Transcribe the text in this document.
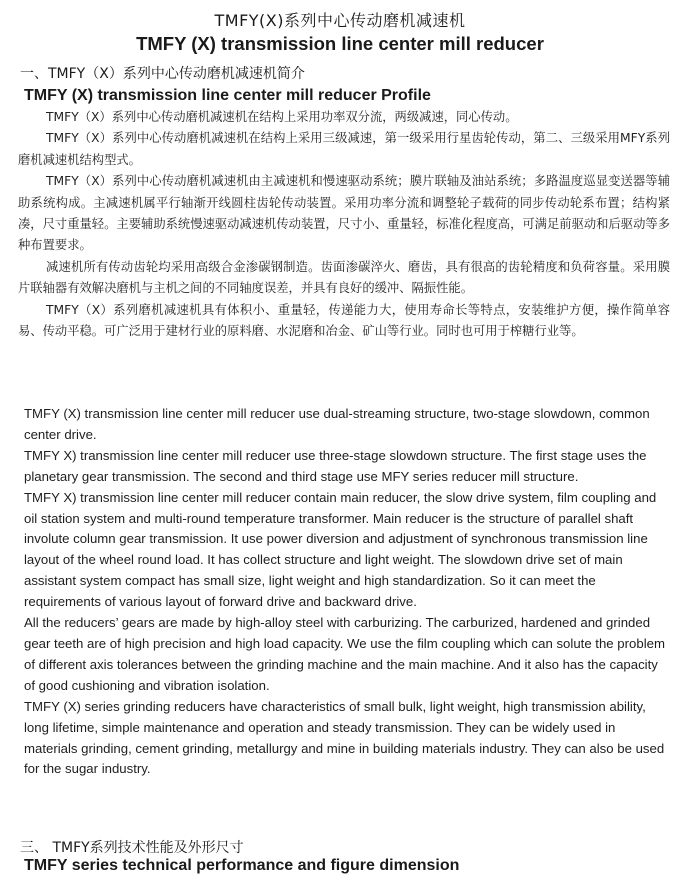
TMFY(X)系列中心传动磨机减速机
TMFY (X) transmission line center mill reducer
一、TMFY（X）系列中心传动磨机减速机简介
TMFY (X) transmission line center mill reducer Profile

TMFY（X）系列中心传动磨机减速机在结构上采用功率双分流，两级减速，同心传动。

TMFY（X）系列中心传动磨机减速机在结构上采用三级减速，第一级采用行星齿轮传动，第二、三级采用MFY系列磨机减速机结构型式。

TMFY（X）系列中心传动磨机减速机由主减速机和慢速驱动系统；膜片联轴及油站系统；多路温度巡显变送器等辅助系统构成。主减速机属平行轴渐开线圆柱齿轮传动装置。采用功率分流和调整轮子载荷的同步传动轮系布置；结构紧凑，尺寸重量轻。主要辅助系统慢速驱动减速机传动装置，尺寸小、重量轻，标准化程度高，可满足前驱动和后驱动等多种布置要求。

减速机所有传动齿轮均采用高级合金渗碳钢制造。齿面渗碳淬火、磨齿，具有很高的齿轮精度和负荷容量。采用膜片联轴器有效解决磨机与主机之间的不同轴度误差，并具有良好的缓冲、隔振性能。

TMFY（X）系列磨机减速机具有体积小、重量轻，传递能力大，使用寿命长等特点，安装维护方便，操作简单容易、传动平稳。可广泛用于建材行业的原料磨、水泥磨和冶金、矿山等行业。同时也可用于榨糖行业等。

TMFY (X) transmission line center mill reducer use dual-streaming structure, two-stage slowdown, common center drive.

TMFY X) transmission line center mill reducer use three-stage slowdown structure. The first stage uses the planetary gear transmission. The second and third stage use MFY series reducer mill structure.

TMFY X) transmission line center mill reducer contain main reducer, the slow drive system, film coupling and oil station system and multi-round temperature transformer. Main reducer is the structure of parallel shaft involute column gear transmission. It use power diversion and adjustment of synchronous transmission line layout of the wheel round load. It has collect structure and light weight. The slowdown drive set of main assistant system compact has small size, light weight and high standardization. So it can meet the requirements of various layout of forward drive and backward drive.

All the reducers’ gears are made by high-alloy steel with carburizing. The carburized, hardened and grinded gear teeth are of high precision and high load capacity. We use the film coupling which can solute the problem of different axis tolerances between the grinding machine and the main machine. And it also has the capacity of good cushioning and vibration isolation.

TMFY (X) series grinding reducers have characteristics of small bulk, light weight, high transmission ability, long lifetime, simple maintenance and operation and steady transmission. They can be widely used in materials grinding, cement grinding, metallurgy and mine in building materials industry. They can also be used for the sugar industry.

三、 TMFY系列技术性能及外形尺寸
TMFY series technical performance and figure dimension
